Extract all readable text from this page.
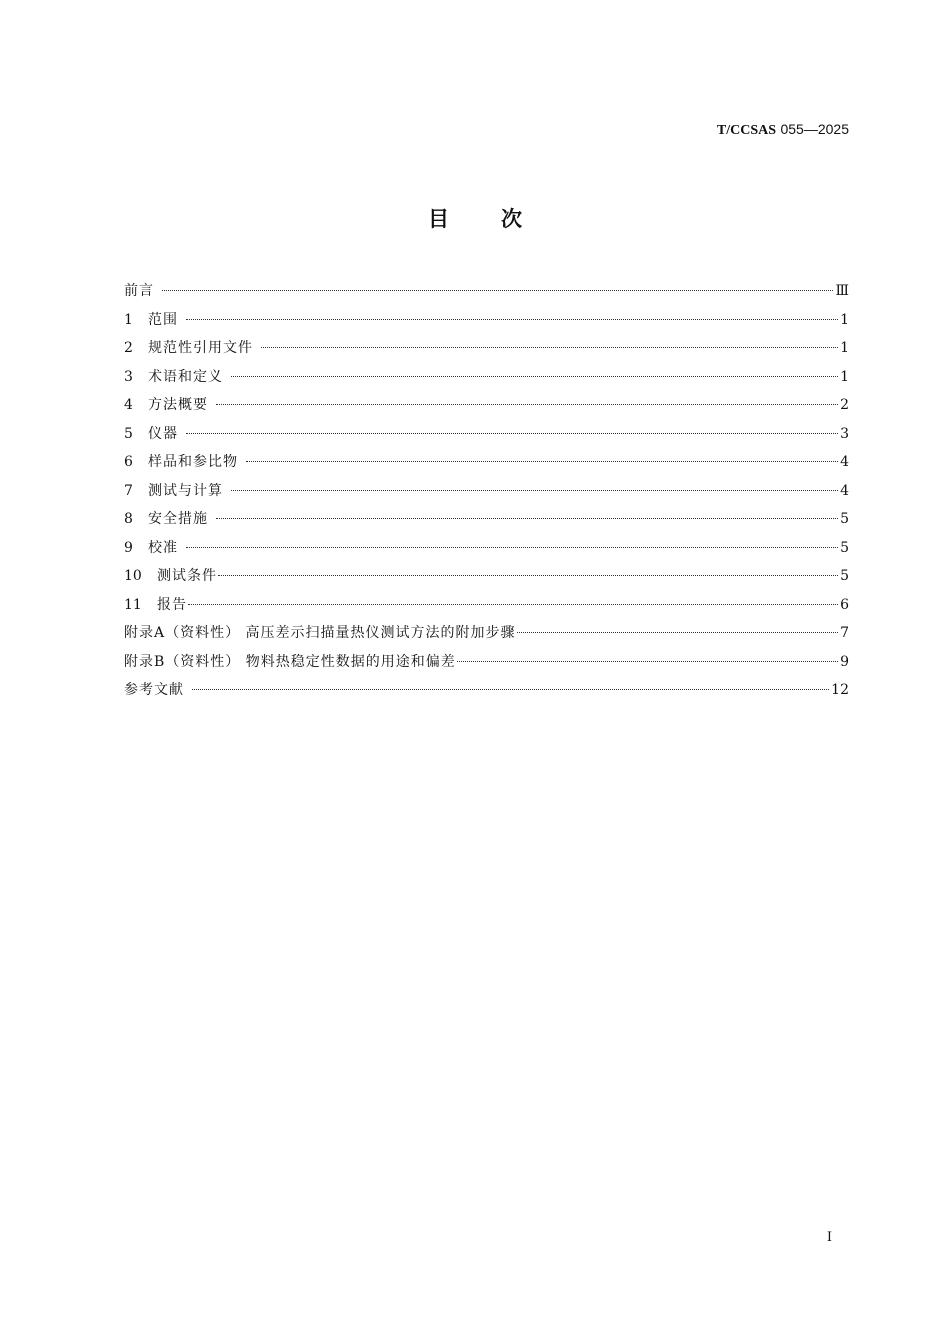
T/CCSAS 055—2025
目次
前言	Ⅲ
1	范围	1
2	规范性引用文件	1
3	术语和定义	1
4	方法概要	2
5	仪器	3
6	样品和参比物	4
7	测试与计算	4
8	安全措施	5
9	校准	5
10	测试条件	5
11	报告	6
附录A（资料性） 高压差示扫描量热仪测试方法的附加步骤	7
附录B（资料性） 物料热稳定性数据的用途和偏差	9
参考文献	12
I
